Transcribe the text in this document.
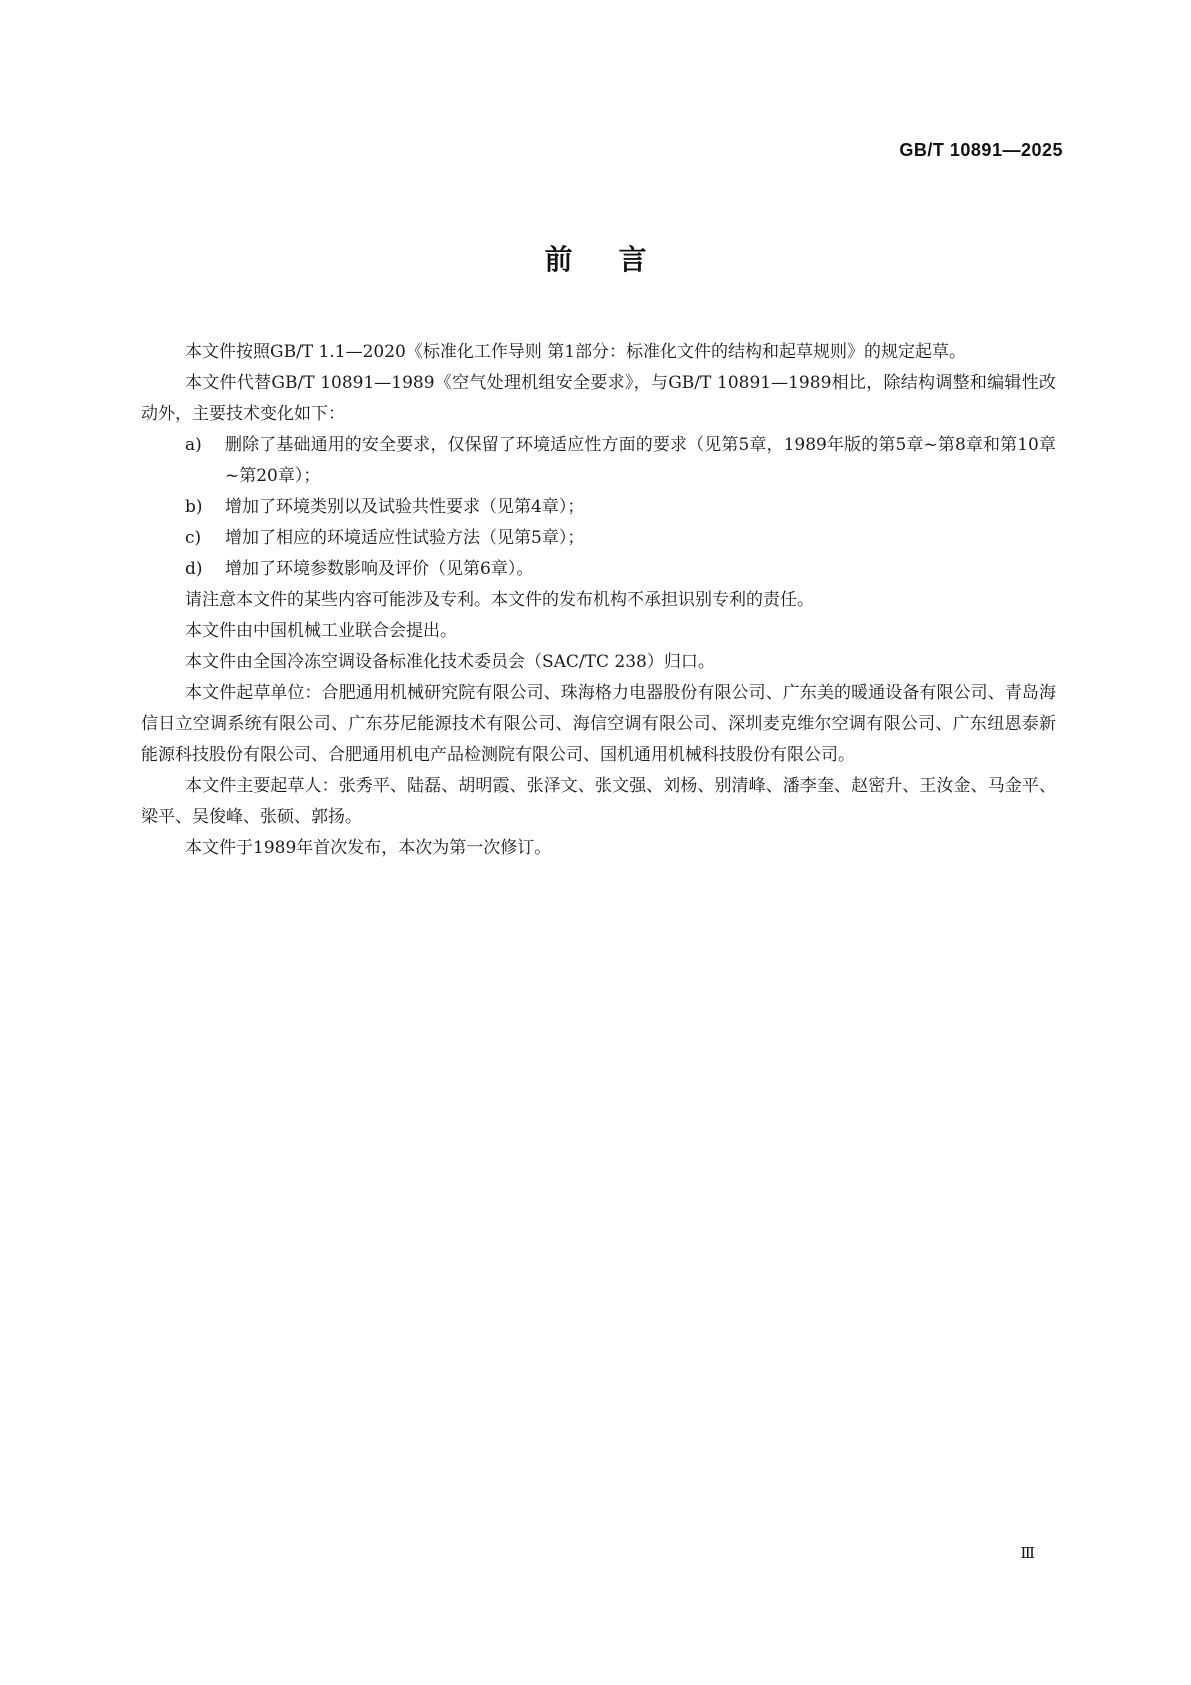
GB/T 10891—2025
前言

本文件按照GB/T 1.1—2020《标准化工作导则 第1部分：标准化文件的结构和起草规则》的规定起草。

本文件代替GB/T 10891—1989《空气处理机组安全要求》，与GB/T 10891—1989相比，除结构调整和编辑性改动外，主要技术变化如下：

a)	删除了基础通用的安全要求，仅保留了环境适应性方面的要求（见第5章，1989年版的第5章~第8章和第10章~第20章）；
b)	增加了环境类别以及试验共性要求（见第4章）；
c)	增加了相应的环境适应性试验方法（见第5章）；
d)	增加了环境参数影响及评价（见第6章）。

请注意本文件的某些内容可能涉及专利。本文件的发布机构不承担识别专利的责任。

本文件由中国机械工业联合会提出。

本文件由全国冷冻空调设备标准化技术委员会（SAC/TC 238）归口。

本文件起草单位：合肥通用机械研究院有限公司、珠海格力电器股份有限公司、广东美的暖通设备有限公司、青岛海信日立空调系统有限公司、广东芬尼能源技术有限公司、海信空调有限公司、深圳麦克维尔空调有限公司、广东纽恩泰新能源科技股份有限公司、合肥通用机电产品检测院有限公司、国机通用机械科技股份有限公司。

本文件主要起草人：张秀平、陆磊、胡明霞、张泽文、张文强、刘杨、别清峰、潘李奎、赵密升、王汝金、马金平、梁平、吴俊峰、张硕、郭扬。

本文件于1989年首次发布，本次为第一次修订。

Ⅲ
